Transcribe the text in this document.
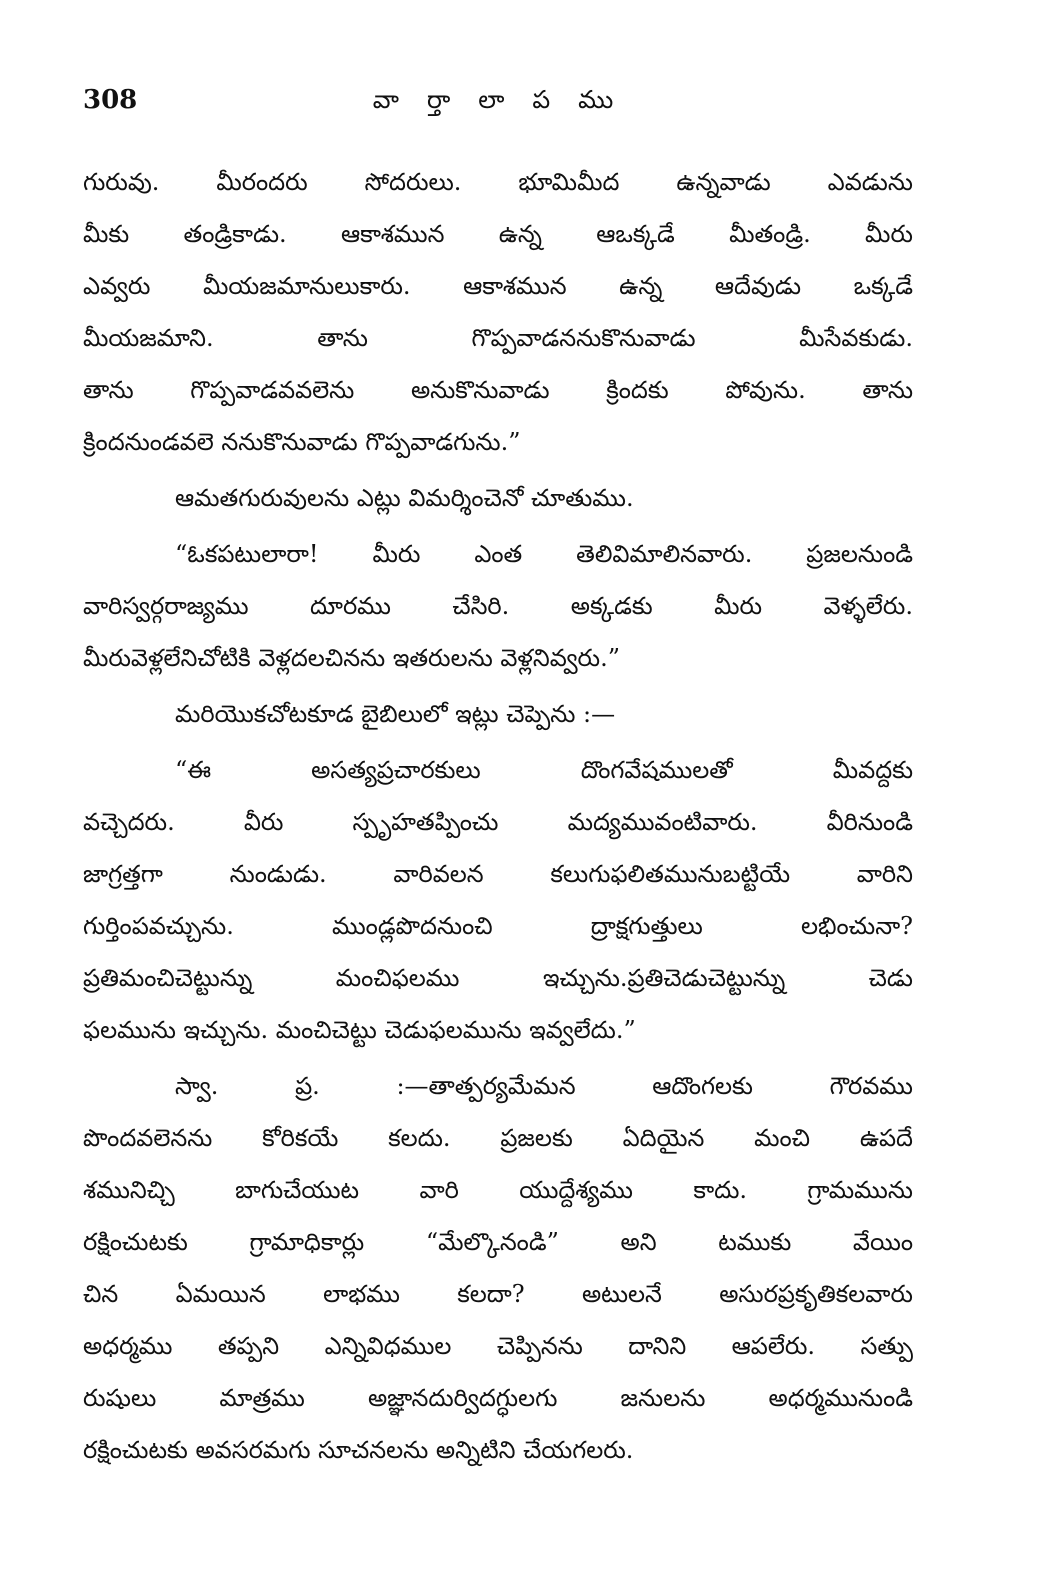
308	వా ర్తా లా ప ము
గురువు. మీరందరు సోదరులు. భూమిమీద ఉన్నవాడు ఎవడును
మీకు తండ్రికాడు. ఆకాశమున ఉన్న ఆఒక్కడే మీతండ్రి. మీరు
ఎవ్వరు మీయజమానులుకారు. ఆకాశమున ఉన్న ఆదేవుడు ఒక్కడే
మీయజమాని. తాను గొప్పవాడననుకొనువాడు మీసేవకుడు.
తాను గొప్పవాడవవలెను అనుకొనువాడు క్రిందకు పోవును. తాను
క్రిందనుండవలె ననుకొనువాడు గొప్పవాడగును.”
ఆమతగురువులను ఎట్లు విమర్శించెనో చూతుము.
“ఓకపటులారా! మీరు ఎంత తెలివిమాలినవారు. ప్రజలనుండి
వారిస్వర్గరాజ్యము దూరము చేసిరి. అక్కడకు మీరు వెళ్ళలేరు.
మీరువెళ్లలేనిచోటికి వెళ్లదలచినను ఇతరులను వెళ్లనివ్వరు.”
మరియొకచోటకూడ బైబిలులో ఇట్లు చెప్పెను :—
“ఈ అసత్యప్రచారకులు దొంగవేషములతో మీవద్దకు
వచ్చెదరు. వీరు స్పృహతప్పించు మద్యమువంటివారు. వీరినుండి
జాగ్రత్తగా నుండుడు. వారివలన కలుగుఫలితమునుబట్టియే వారిని
గుర్తింపవచ్చును. ముండ్లపొదనుంచి ద్రాక్షగుత్తులు లభించునా?
ప్రతిమంచిచెట్టున్ను మంచిఫలము ఇచ్చును.ప్రతిచెడుచెట్టున్ను చెడు
ఫలమును ఇచ్చును. మంచిచెట్టు చెడుఫలమును ఇవ్వలేదు.”
స్వా. ప్ర. :—తాత్పర్యమేమన ఆదొంగలకు గౌరవము
పొందవలెనను కోరికయే కలదు. ప్రజలకు ఏదియైన మంచి ఉపదే
శమునిచ్చి బాగుచేయుట వారి యుద్దేశ్యము కాదు. గ్రామమును
రక్షించుటకు గ్రామాధికార్లు “మేల్కొనండి” అని టముకు వేయిం
చిన ఏమయిన లాభము కలదా? అటులనే అసురప్రకృతికలవారు
అధర్మము తప్పని ఎన్నివిధముల చెప్పినను దానిని ఆపలేరు. సత్పు
రుషులు మాత్రము అజ్ఞానదుర్విదగ్ధులగు జనులను అధర్మమునుండి
రక్షించుటకు అవసరమగు సూచనలను అన్నిటిని చేయగలరు.
